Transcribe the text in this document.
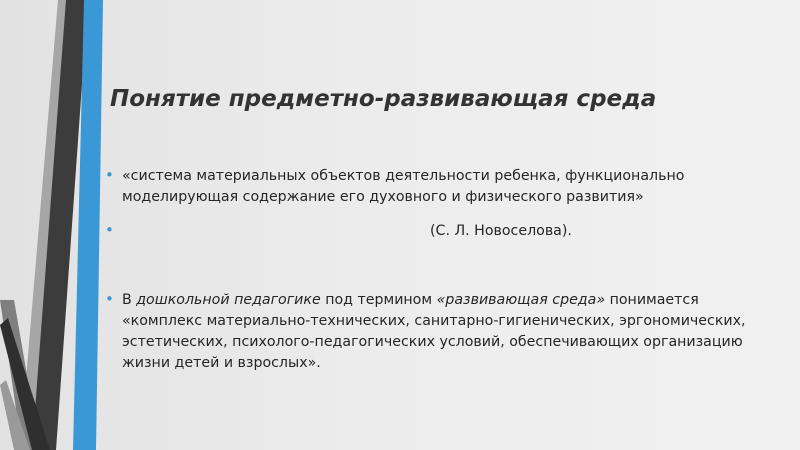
Понятие предметно-развивающая среда
• «система материальных объектов деятельности ребенка, функционально моделирующая содержание его духовного и физического развития»
•	(С. Л. Новоселова).
• В дошкольной педагогике под термином «развивающая среда» понимается «комплекс материально-технических, санитарно-гигиенических, эргономических, эстетических, психолого-педагогических условий, обеспечивающих организацию жизни детей и взрослых».
